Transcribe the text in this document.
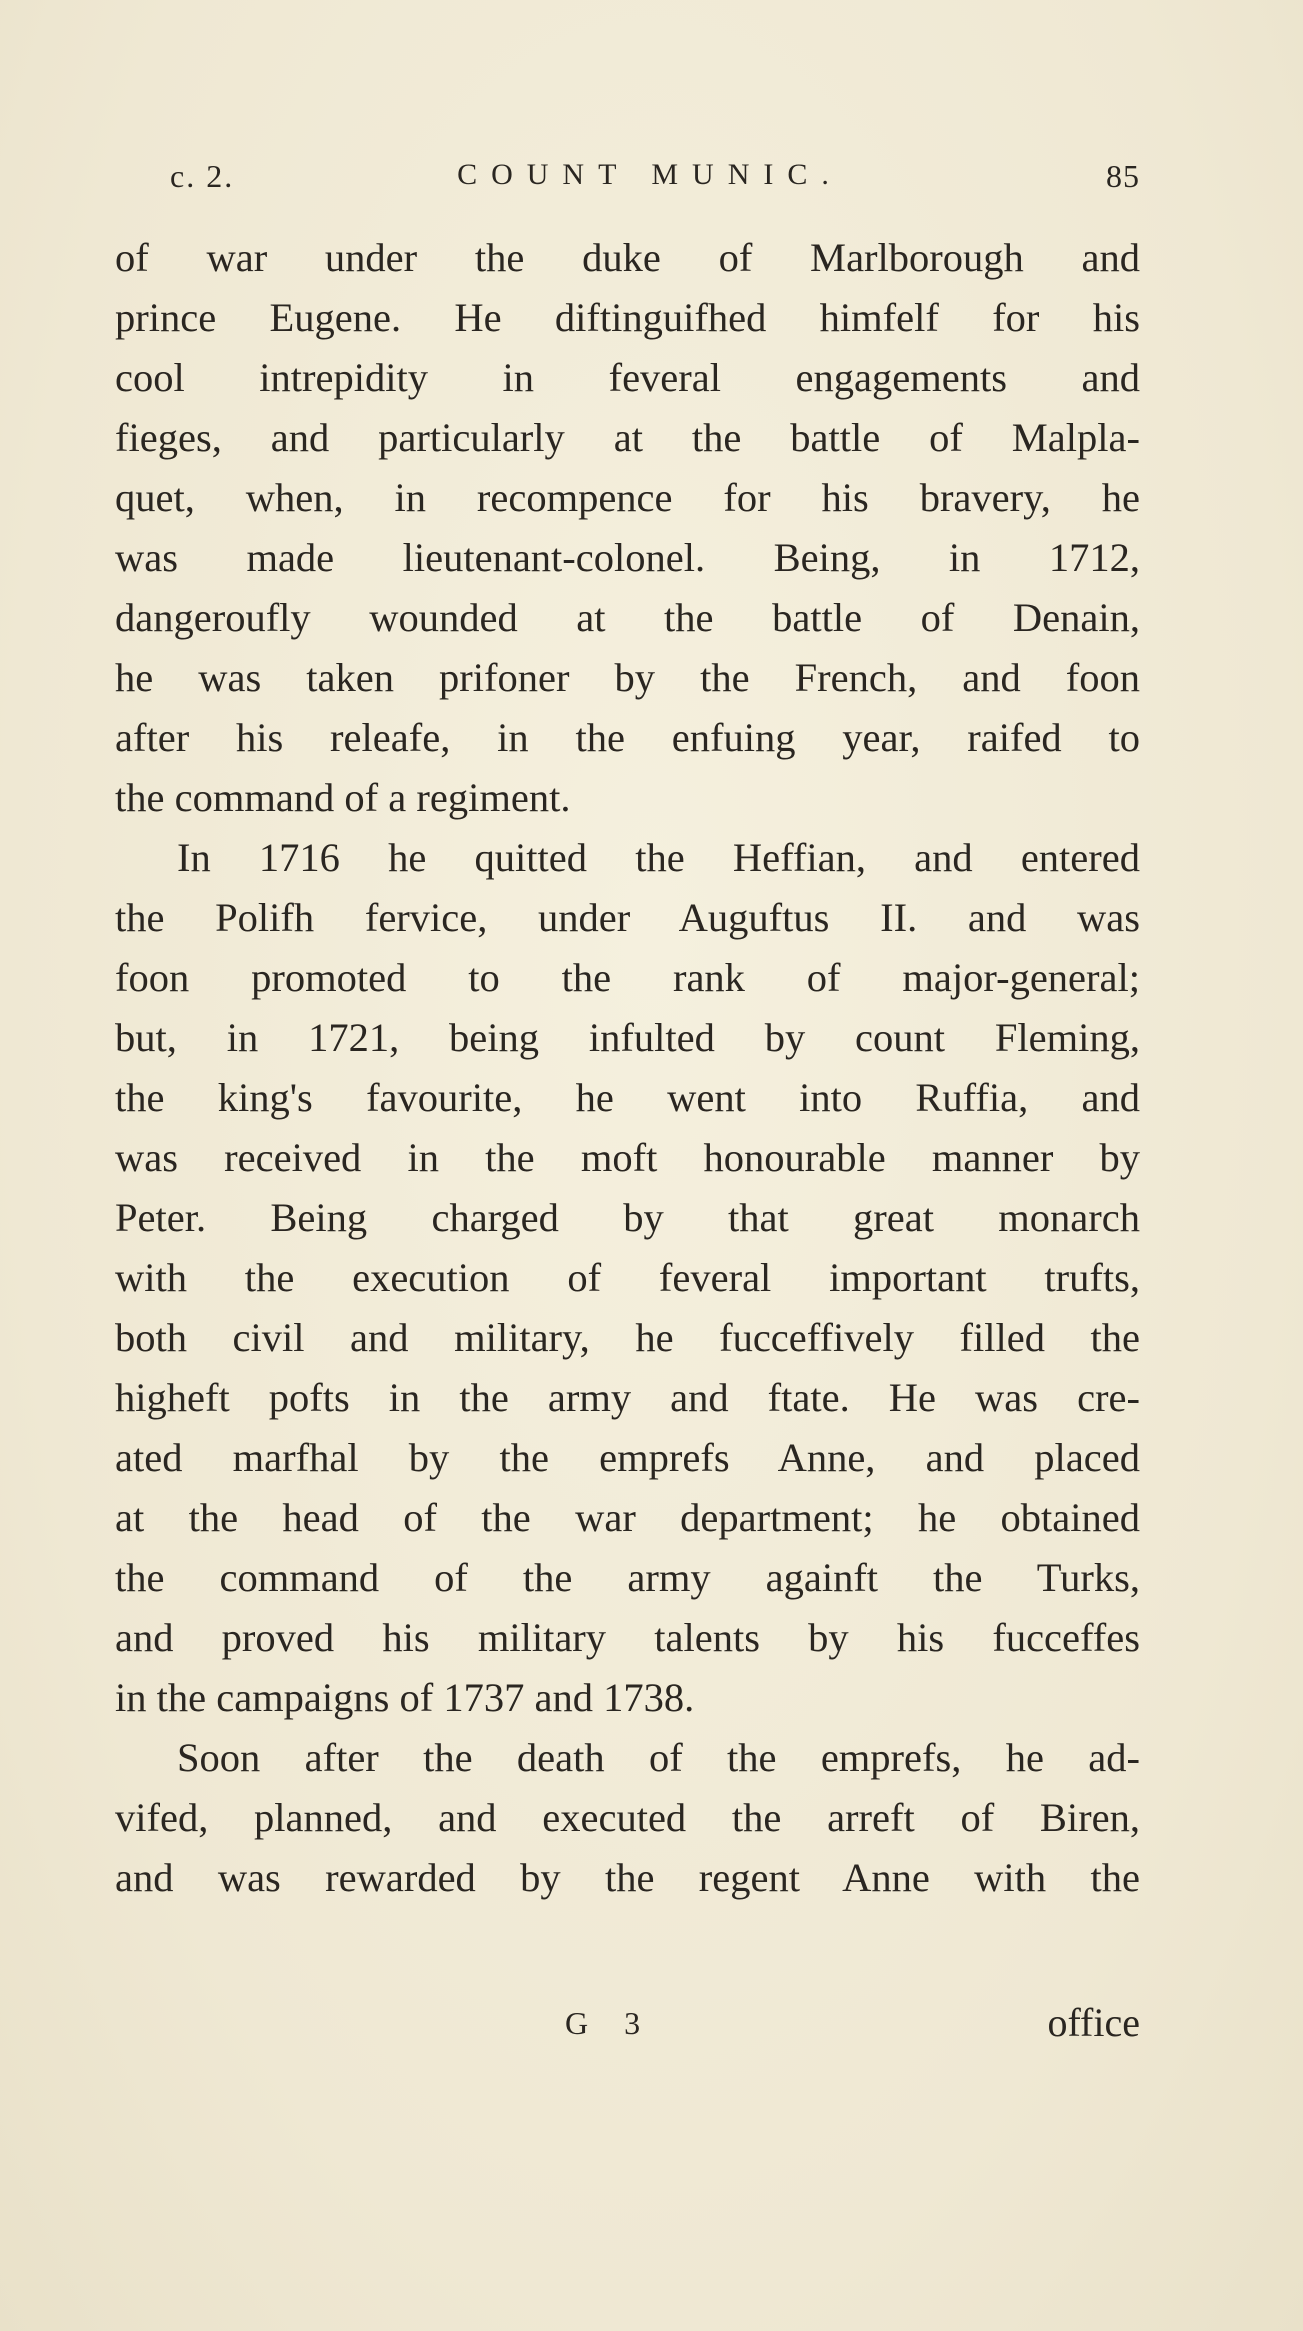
c. 2.	COUNT MUNIC.	85
of war under the duke of Marlborough and
prince Eugene. He diftinguifhed himfelf for his
cool intrepidity in feveral engagements and
fieges, and particularly at the battle of Malpla-
quet, when, in recompence for his bravery, he
was made lieutenant-colonel. Being, in 1712,
dangeroufly wounded at the battle of Denain,
he was taken prifoner by the French, and foon
after his releafe, in the enfuing year, raifed to
the command of a regiment.
In 1716 he quitted the Heffian, and entered
the Polifh fervice, under Auguftus II. and was
foon promoted to the rank of major-general;
but, in 1721, being infulted by count Fleming,
the king's favourite, he went into Ruffia, and
was received in the moft honourable manner by
Peter. Being charged by that great monarch
with the execution of feveral important trufts,
both civil and military, he fucceffively filled the
higheft pofts in the army and ftate. He was cre-
ated marfhal by the emprefs Anne, and placed
at the head of the war department; he obtained
the command of the army againft the Turks,
and proved his military talents by his fucceffes
in the campaigns of 1737 and 1738.
Soon after the death of the emprefs, he ad-
vifed, planned, and executed the arreft of Biren,
and was rewarded by the regent Anne with the
G 3	office
